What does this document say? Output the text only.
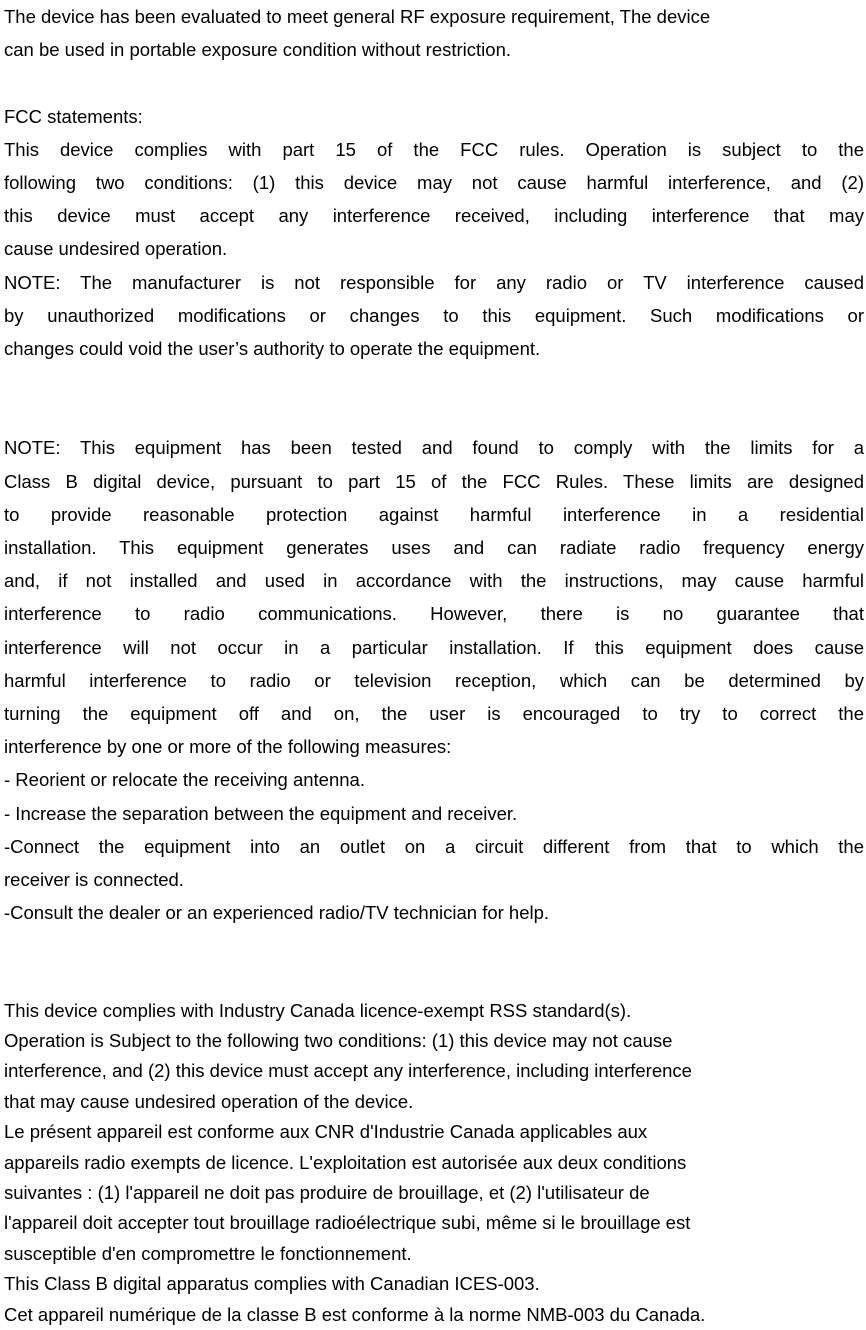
The device has been evaluated to meet general RF exposure requirement, The device
can be used in portable exposure condition without restriction.
FCC statements:
This device complies with part 15 of the FCC rules. Operation is subject to the
following two conditions: (1) this device may not cause harmful interference, and (2)
this device must accept any interference received, including interference that may
cause undesired operation.
NOTE: The manufacturer is not responsible for any radio or TV interference caused
by unauthorized modifications or changes to this equipment. Such modifications or
changes could void the user’s authority to operate the equipment.
NOTE: This equipment has been tested and found to comply with the limits for a
Class B digital device, pursuant to part 15 of the FCC Rules. These limits are designed
to provide reasonable protection against harmful interference in a residential
installation. This equipment generates uses and can radiate radio frequency energy
and, if not installed and used in accordance with the instructions, may cause harmful
interference to radio communications. However, there is no guarantee that
interference will not occur in a particular installation. If this equipment does cause
harmful interference to radio or television reception, which can be determined by
turning the equipment off and on, the user is encouraged to try to correct the
interference by one or more of the following measures:
- Reorient or relocate the receiving antenna.
- Increase the separation between the equipment and receiver.
-Connect the equipment into an outlet on a circuit different from that to which the
receiver is connected.
-Consult the dealer or an experienced radio/TV technician for help.
This device complies with Industry Canada licence-exempt RSS standard(s).
Operation is Subject to the following two conditions: (1) this device may not cause
interference, and (2) this device must accept any interference, including interference
that may cause undesired operation of the device.
Le présent appareil est conforme aux CNR d'Industrie Canada applicables aux
appareils radio exempts de licence. L'exploitation est autorisée aux deux conditions
suivantes : (1) l'appareil ne doit pas produire de brouillage, et (2) l'utilisateur de
l'appareil doit accepter tout brouillage radioélectrique subi, même si le brouillage est
susceptible d'en compromettre le fonctionnement.
This Class B digital apparatus complies with Canadian ICES-003.
Cet appareil numérique de la classe B est conforme à la norme NMB-003 du Canada.
